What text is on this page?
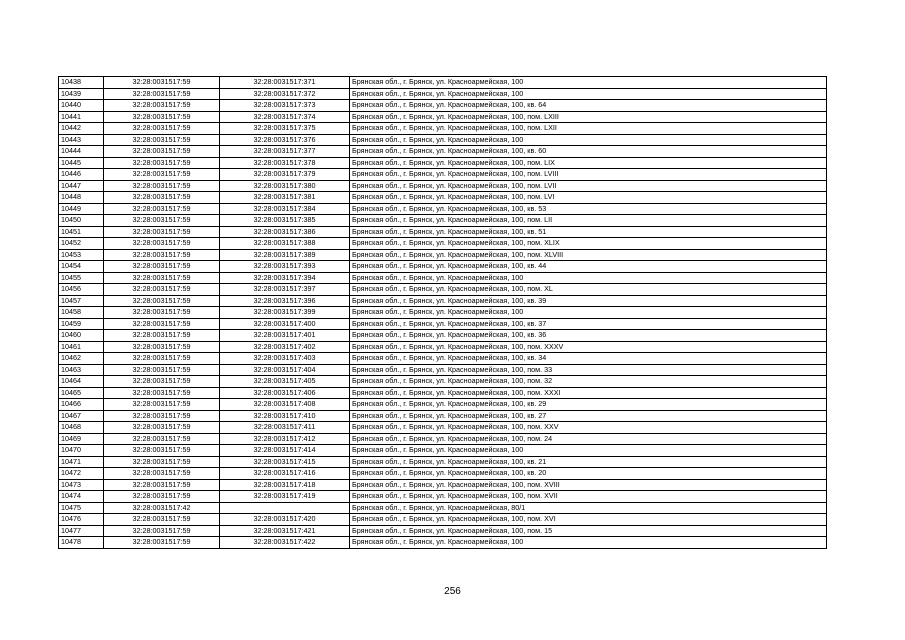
10438	32:28:0031517:59	32:28:0031517:371	Брянская обл., г. Брянск, ул. Красноармейская, 100
10439	32:28:0031517:59	32:28:0031517:372	Брянская обл., г. Брянск, ул. Красноармейская, 100
10440	32:28:0031517:59	32:28:0031517:373	Брянская обл., г. Брянск, ул. Красноармейская, 100, кв. 64
10441	32:28:0031517:59	32:28:0031517:374	Брянская обл., г. Брянск, ул. Красноармейская, 100, пом. LXIII
10442	32:28:0031517:59	32:28:0031517:375	Брянская обл., г. Брянск, ул. Красноармейская, 100, пом. LXII
10443	32:28:0031517:59	32:28:0031517:376	Брянская обл., г. Брянск, ул. Красноармейская, 100
10444	32:28:0031517:59	32:28:0031517:377	Брянская обл., г. Брянск, ул. Красноармейская, 100, кв. 60
10445	32:28:0031517:59	32:28:0031517:378	Брянская обл., г. Брянск, ул. Красноармейская, 100, пом. LIX
10446	32:28:0031517:59	32:28:0031517:379	Брянская обл., г. Брянск, ул. Красноармейская, 100, пом. LVIII
10447	32:28:0031517:59	32:28:0031517:380	Брянская обл., г. Брянск, ул. Красноармейская, 100, пом. LVII
10448	32:28:0031517:59	32:28:0031517:381	Брянская обл., г. Брянск, ул. Красноармейская, 100, пом. LVI
10449	32:28:0031517:59	32:28:0031517:384	Брянская обл., г. Брянск, ул. Красноармейская, 100, кв. 53
10450	32:28:0031517:59	32:28:0031517:385	Брянская обл., г. Брянск, ул. Красноармейская, 100, пом. LII
10451	32:28:0031517:59	32:28:0031517:386	Брянская обл., г. Брянск, ул. Красноармейская, 100, кв. 51
10452	32:28:0031517:59	32:28:0031517:388	Брянская обл., г. Брянск, ул. Красноармейская, 100, пом. XLIX
10453	32:28:0031517:59	32:28:0031517:389	Брянская обл., г. Брянск, ул. Красноармейская, 100, пом. XLVIII
10454	32:28:0031517:59	32:28:0031517:393	Брянская обл., г. Брянск, ул. Красноармейская, 100, кв. 44
10455	32:28:0031517:59	32:28:0031517:394	Брянская обл., г. Брянск, ул. Красноармейская, 100
10456	32:28:0031517:59	32:28:0031517:397	Брянская обл., г. Брянск, ул. Красноармейская, 100, пом. XL
10457	32:28:0031517:59	32:28:0031517:396	Брянская обл., г. Брянск, ул. Красноармейская, 100, кв. 39
10458	32:28:0031517:59	32:28:0031517:399	Брянская обл., г. Брянск, ул. Красноармейская, 100
10459	32:28:0031517:59	32:28:0031517:400	Брянская обл., г. Брянск, ул. Красноармейская, 100, кв. 37
10460	32:28:0031517:59	32:28:0031517:401	Брянская обл., г. Брянск, ул. Красноармейская, 100, кв. 36
10461	32:28:0031517:59	32:28:0031517:402	Брянская обл., г. Брянск, ул. Красноармейская, 100, пом. XXXV
10462	32:28:0031517:59	32:28:0031517:403	Брянская обл., г. Брянск, ул. Красноармейская, 100, кв. 34
10463	32:28:0031517:59	32:28:0031517:404	Брянская обл., г. Брянск, ул. Красноармейская, 100, пом. 33
10464	32:28:0031517:59	32:28:0031517:405	Брянская обл., г. Брянск, ул. Красноармейская, 100, пом. 32
10465	32:28:0031517:59	32:28:0031517:406	Брянская обл., г. Брянск, ул. Красноармейская, 100, пом. XXXI
10466	32:28:0031517:59	32:28:0031517:408	Брянская обл., г. Брянск, ул. Красноармейская, 100, кв. 29
10467	32:28:0031517:59	32:28:0031517:410	Брянская обл., г. Брянск, ул. Красноармейская, 100, кв. 27
10468	32:28:0031517:59	32:28:0031517:411	Брянская обл., г. Брянск, ул. Красноармейская, 100, пом. XXV
10469	32:28:0031517:59	32:28:0031517:412	Брянская обл., г. Брянск, ул. Красноармейская, 100, пом. 24
10470	32:28:0031517:59	32:28:0031517:414	Брянская обл., г. Брянск, ул. Красноармейская, 100
10471	32:28:0031517:59	32:28:0031517:415	Брянская обл., г. Брянск, ул. Красноармейская, 100, кв. 21
10472	32:28:0031517:59	32:28:0031517:416	Брянская обл., г. Брянск, ул. Красноармейская, 100, кв. 20
10473	32:28:0031517:59	32:28:0031517:418	Брянская обл., г. Брянск, ул. Красноармейская, 100, пом. XVIII
10474	32:28:0031517:59	32:28:0031517:419	Брянская обл., г. Брянск, ул. Красноармейская, 100, пом. XVII
10475	32:28:0031517:42		Брянская обл., г. Брянск, ул. Красноармейская, 80/1
10476	32:28:0031517:59	32:28:0031517:420	Брянская обл., г. Брянск, ул. Красноармейская, 100, пом. XVI
10477	32:28:0031517:59	32:28:0031517:421	Брянская обл., г. Брянск, ул. Красноармейская, 100, пом. 15
10478	32:28:0031517:59	32:28:0031517:422	Брянская обл., г. Брянск, ул. Красноармейская, 100
256
